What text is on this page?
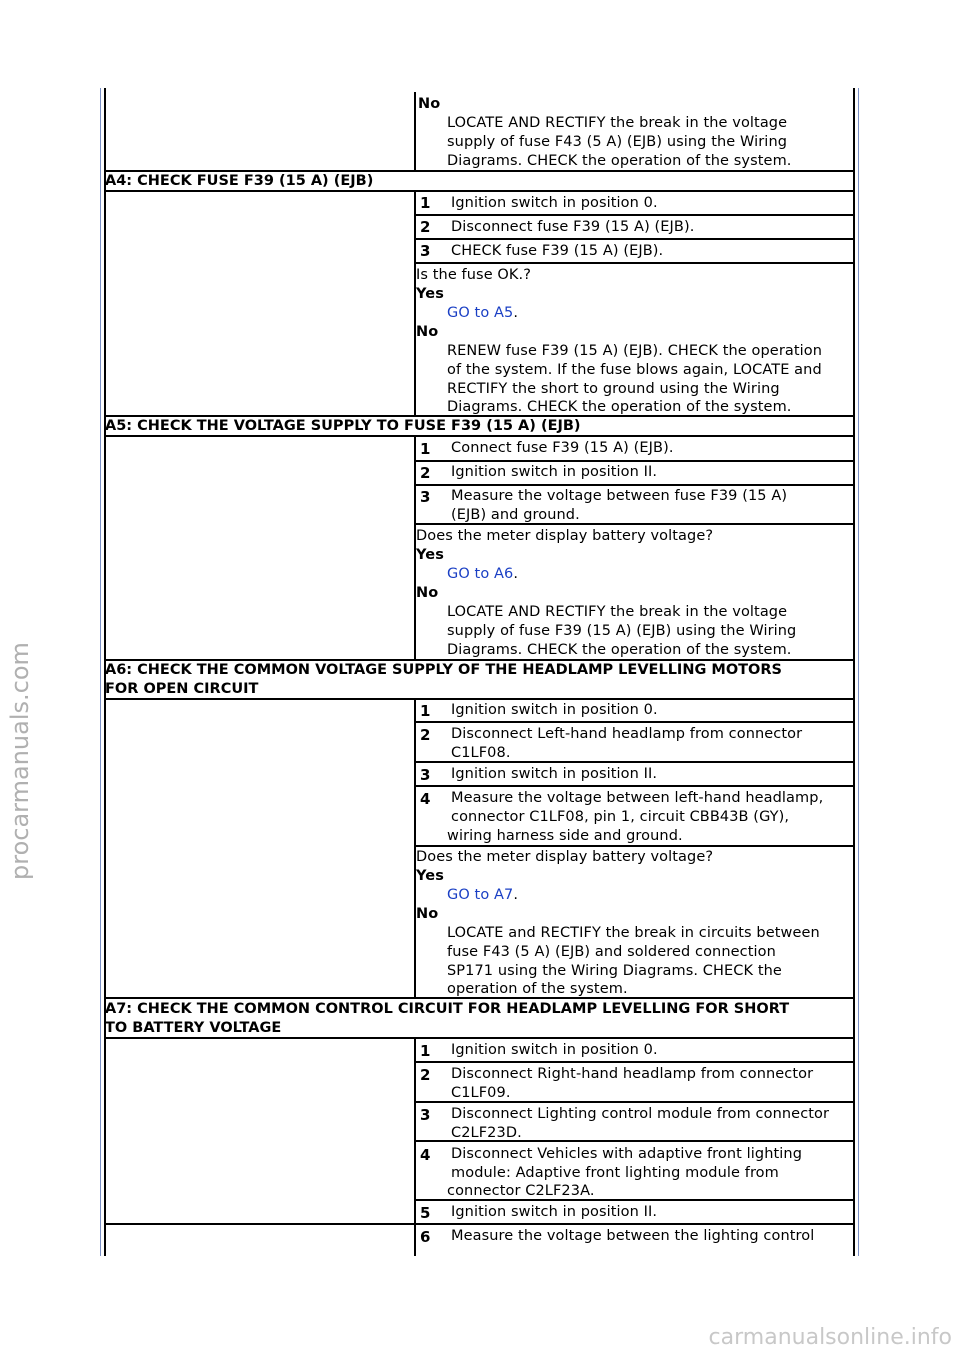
No
LOCATE AND RECTIFY the break in the voltage
supply of fuse F43 (5 A) (EJB) using the Wiring
Diagrams. CHECK the operation of the system.
A4: CHECK FUSE F39 (15 A) (EJB)
1 Ignition switch in position 0.
2 Disconnect fuse F39 (15 A) (EJB).
3 CHECK fuse F39 (15 A) (EJB).
Is the fuse OK.?
Yes
GO to A5.
No
RENEW fuse F39 (15 A) (EJB). CHECK the operation
of the system. If the fuse blows again, LOCATE and
RECTIFY the short to ground using the Wiring
Diagrams. CHECK the operation of the system.
A5: CHECK THE VOLTAGE SUPPLY TO FUSE F39 (15 A) (EJB)
1 Connect fuse F39 (15 A) (EJB).
2 Ignition switch in position II.
3 Measure the voltage between fuse F39 (15 A)
(EJB) and ground.
Does the meter display battery voltage?
Yes
GO to A6.
No
LOCATE AND RECTIFY the break in the voltage
supply of fuse F39 (15 A) (EJB) using the Wiring
Diagrams. CHECK the operation of the system.
A6: CHECK THE COMMON VOLTAGE SUPPLY OF THE HEADLAMP LEVELLING MOTORS
FOR OPEN CIRCUIT
1 Ignition switch in position 0.
2 Disconnect Left-hand headlamp from connector
C1LF08.
3 Ignition switch in position II.
4 Measure the voltage between left-hand headlamp,
connector C1LF08, pin 1, circuit CBB43B (GY),
wiring harness side and ground.
Does the meter display battery voltage?
Yes
GO to A7.
No
LOCATE and RECTIFY the break in circuits between
fuse F43 (5 A) (EJB) and soldered connection
SP171 using the Wiring Diagrams. CHECK the
operation of the system.
A7: CHECK THE COMMON CONTROL CIRCUIT FOR HEADLAMP LEVELLING FOR SHORT
TO BATTERY VOLTAGE
1 Ignition switch in position 0.
2 Disconnect Right-hand headlamp from connector
C1LF09.
3 Disconnect Lighting control module from connector
C2LF23D.
4 Disconnect Vehicles with adaptive front lighting
module: Adaptive front lighting module from
connector C2LF23A.
5 Ignition switch in position II.
6 Measure the voltage between the lighting control
procarmanuals.com
carmanualsonline.info
